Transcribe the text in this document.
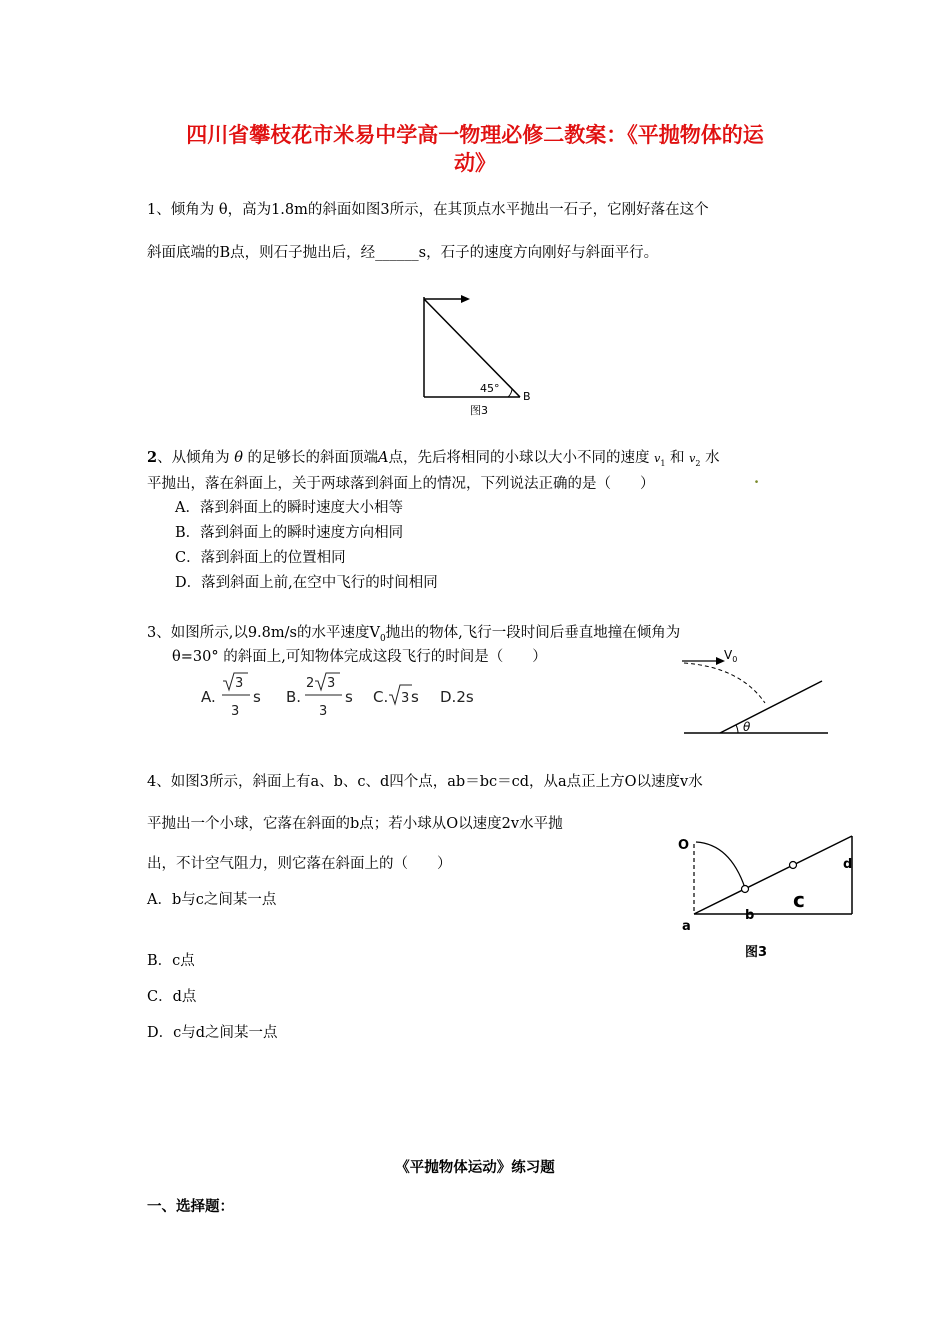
四川省攀枝花市米易中学高一物理必修二教案：《平抛物体的运
动》
1、倾角为 θ，高为1.8m的斜面如图3所示，在其顶点水平抛出一石子，它刚好落在这个
斜面底端的B点，则石子抛出后，经______s，石子的速度方向刚好与斜面平行。
45°
B
图3
2、从倾角为 θ 的足够长的斜面顶端A点，先后将相同的小球以大小不同的速度 $v_1$ 和 $v_2$ 水
平抛出，落在斜面上，关于两球落到斜面上的情况，下列说法正确的是（　　）	.
A．落到斜面上的瞬时速度大小相等
B．落到斜面上的瞬时速度方向相同
C．落到斜面上的位置相同
D．落到斜面上前,在空中飞行的时间相同
3、如图所示,以9.8m/s的水平速度$V_0$抛出的物体,飞行一段时间后垂直地撞在倾角为
θ=30° 的斜面上,可知物体完成这段飞行的时间是（　　）
A.
3
3
s B.
2 3
3
s C. 3 s D.2s
$V_0$
θ
4、如图3所示，斜面上有a、b、c、d四个点，ab＝bc＝cd，从a点正上方O以速度v水
平抛出一个小球，它落在斜面的b点；若小球从O以速度2v水平抛
出，不计空气阻力，则它落在斜面上的（　　）
A．b与c之间某一点
B．c点
C．d点
D．c与d之间某一点
O
a
b
c
d
图3
《平抛物体运动》练习题
一、选择题：
